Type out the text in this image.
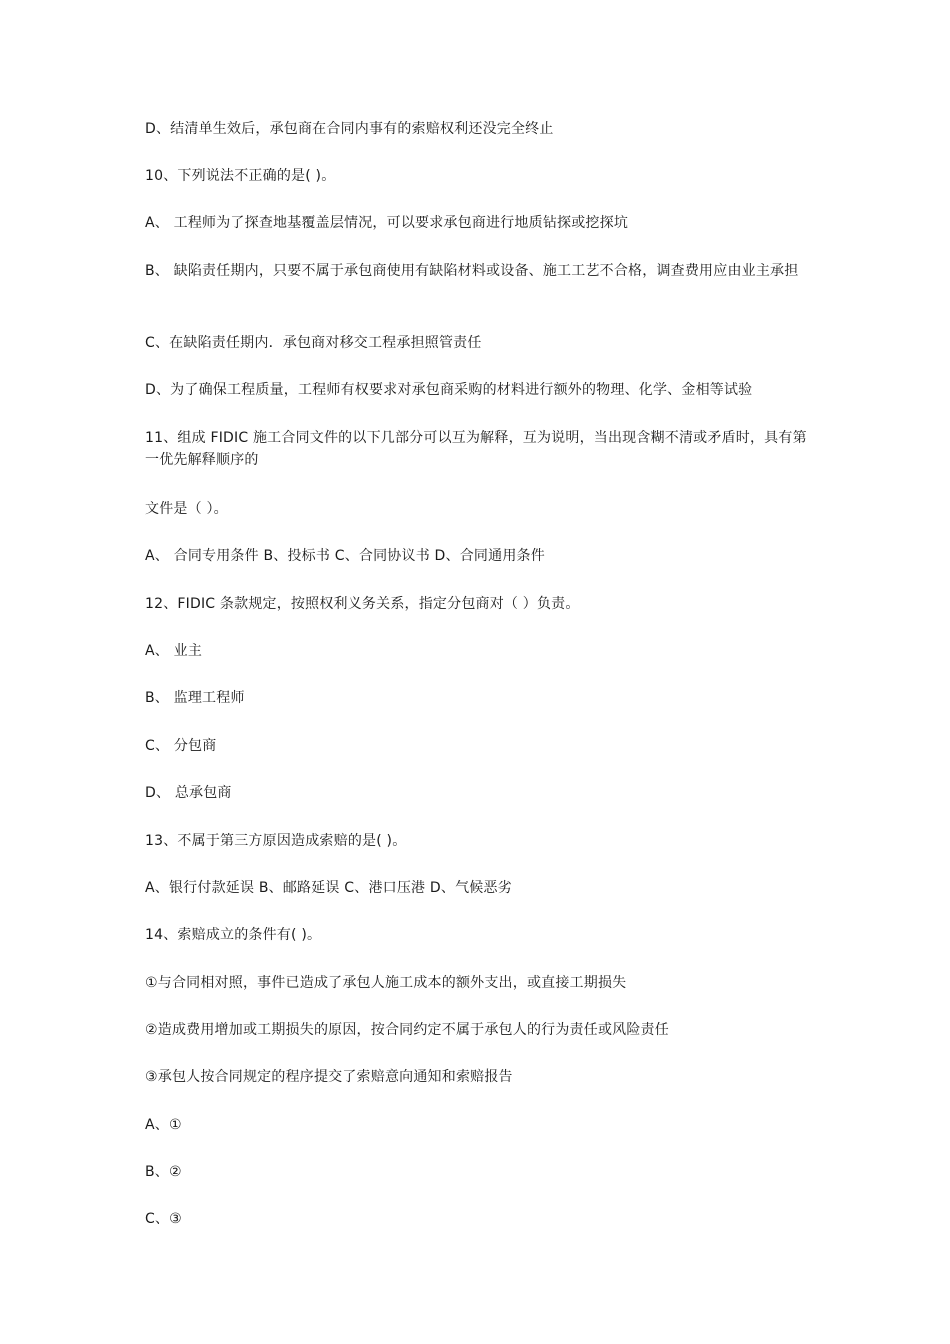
D、结清单生效后，承包商在合同内事有的索赔权利还没完全终止
10、下列说法不正确的是( )。
A、 工程师为了探查地基覆盖层情况，可以要求承包商进行地质钻探或挖探坑
B、 缺陷责任期内，只要不属于承包商使用有缺陷材料或设备、施工工艺不合格，调查费用应由业主承担
C、在缺陷责任期内．承包商对移交工程承担照管责任
D、为了确保工程质量，工程师有权要求对承包商采购的材料进行额外的物理、化学、金相等试验
11、组成 FIDIC 施工合同文件的以下几部分可以互为解释，互为说明，当出现含糊不清或矛盾时，具有第一优先解释顺序的
文件是（ ）。
A、 合同专用条件 B、投标书 C、合同协议书 D、合同通用条件
12、FIDIC 条款规定，按照权利义务关系，指定分包商对（ ）负责。
A、 业主
B、 监理工程师
C、 分包商
D、 总承包商
13、不属于第三方原因造成索赔的是( )。
A、银行付款延误 B、邮路延误 C、港口压港 D、气候恶劣
14、索赔成立的条件有( )。
①与合同相对照，事件已造成了承包人施工成本的额外支出，或直接工期损失
②造成费用增加或工期损失的原因，按合同约定不属于承包人的行为责任或风险责任
③承包人按合同规定的程序提交了索赔意向通知和索赔报告
A、①
B、②
C、③
